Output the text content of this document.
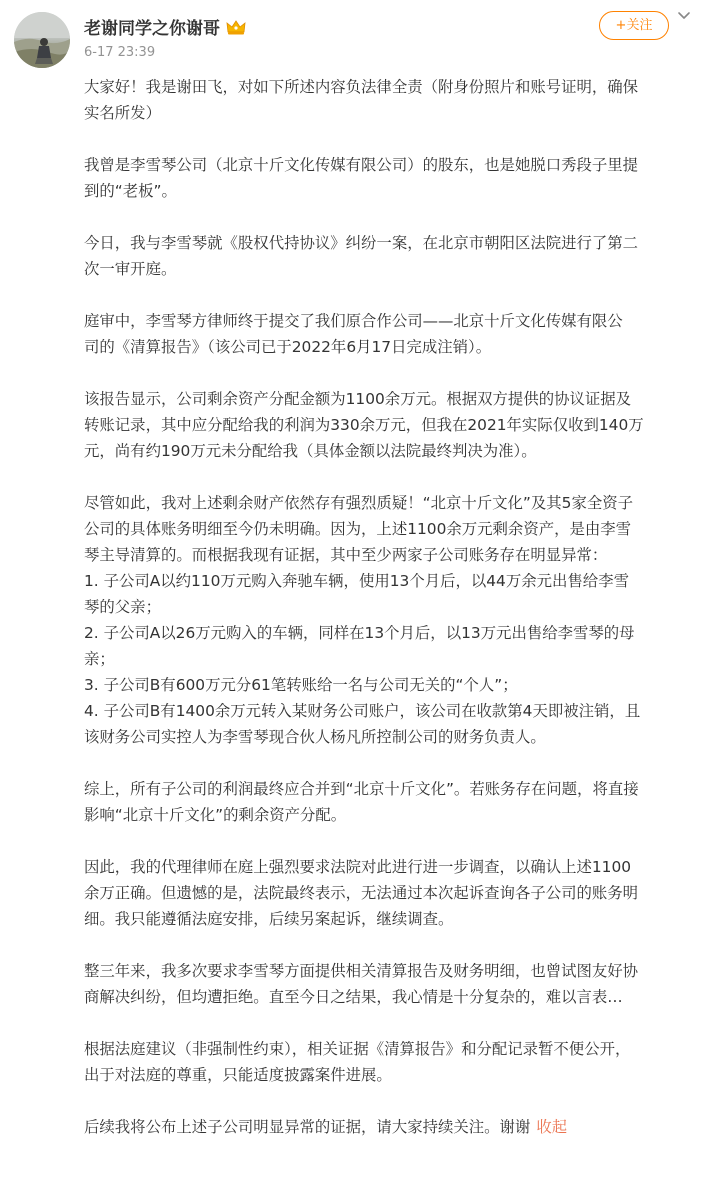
老谢同学之你谢哥
6-17 23:39
+关注
大家好！我是谢田飞，对如下所述内容负法律全责（附身份照片和账号证明，确保
实名所发）
我曾是李雪琴公司（北京十斤文化传媒有限公司）的股东，也是她脱口秀段子里提
到的“老板”。
今日，我与李雪琴就《股权代持协议》纠纷一案，在北京市朝阳区法院进行了第二
次一审开庭。
庭审中，李雪琴方律师终于提交了我们原合作公司——北京十斤文化传媒有限公
司的《清算报告》（该公司已于2022年6月17日完成注销）。
该报告显示，公司剩余资产分配金额为1100余万元。根据双方提供的协议证据及
转账记录，其中应分配给我的利润为330余万元，但我在2021年实际仅收到140万
元，尚有约190万元未分配给我（具体金额以法院最终判决为准）。
尽管如此，我对上述剩余财产依然存有强烈质疑！“北京十斤文化”及其5家全资子
公司的具体账务明细至今仍未明确。因为，上述1100余万元剩余资产，是由李雪
琴主导清算的。而根据我现有证据，其中至少两家子公司账务存在明显异常：
1. 子公司A以约110万元购入奔驰车辆，使用13个月后，以44万余元出售给李雪
琴的父亲；
2. 子公司A以26万元购入的车辆，同样在13个月后，以13万元出售给李雪琴的母
亲；
3. 子公司B有600万元分61笔转账给一名与公司无关的“个人”；
4. 子公司B有1400余万元转入某财务公司账户，该公司在收款第4天即被注销，且
该财务公司实控人为李雪琴现合伙人杨凡所控制公司的财务负责人。
综上，所有子公司的利润最终应合并到“北京十斤文化”。若账务存在问题，将直接
影响“北京十斤文化”的剩余资产分配。
因此，我的代理律师在庭上强烈要求法院对此进行进一步调查，以确认上述1100
余万正确。但遗憾的是，法院最终表示，无法通过本次起诉查询各子公司的账务明
细。我只能遵循法庭安排，后续另案起诉，继续调查。
整三年来，我多次要求李雪琴方面提供相关清算报告及财务明细，也曾试图友好协
商解决纠纷，但均遭拒绝。直至今日之结果，我心情是十分复杂的，难以言表…
根据法庭建议（非强制性约束），相关证据《清算报告》和分配记录暂不便公开，
出于对法庭的尊重，只能适度披露案件进展。
后续我将公布上述子公司明显异常的证据，请大家持续关注。谢谢 收起
